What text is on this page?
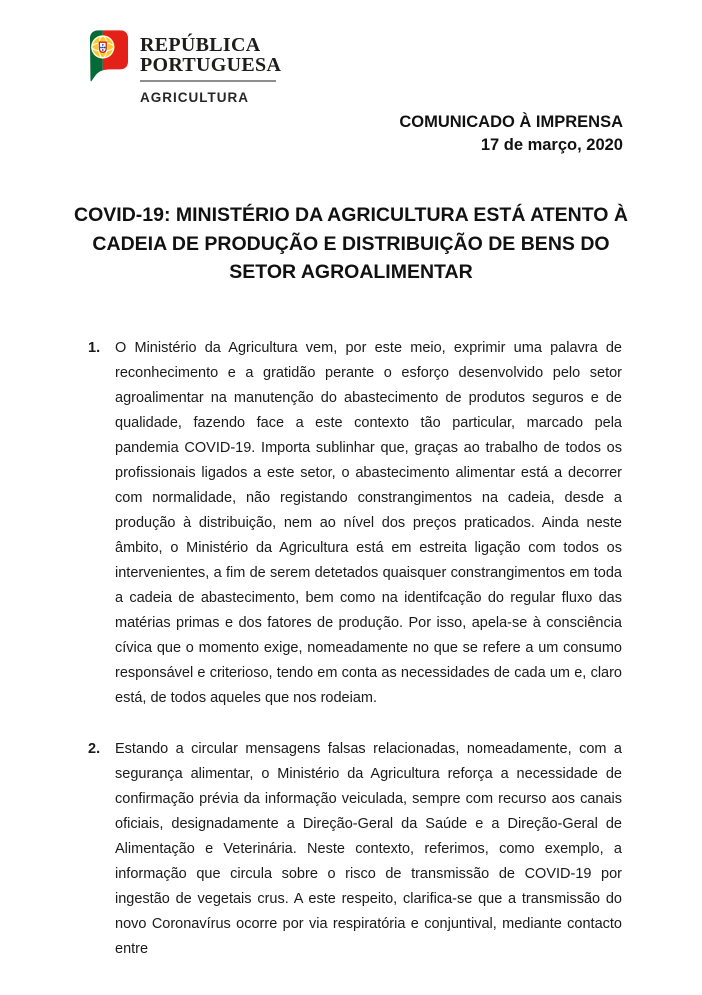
REPÚBLICA
PORTUGUESA
AGRICULTURA
COMUNICADO À IMPRENSA
17 de março, 2020
COVID-19: MINISTÉRIO DA AGRICULTURA ESTÁ ATENTO À
CADEIA DE PRODUÇÃO E DISTRIBUIÇÃO DE BENS DO
SETOR AGROALIMENTAR
1.	O Ministério da Agricultura vem, por este meio, exprimir uma palavra de reconhecimento e a gratidão perante o esforço desenvolvido pelo setor agroalimentar na manutenção do abastecimento de produtos seguros e de qualidade, fazendo face a este contexto tão particular, marcado pela pandemia COVID-19. Importa sublinhar que, graças ao trabalho de todos os profissionais ligados a este setor, o abastecimento alimentar está a decorrer com normalidade, não registando constrangimentos na cadeia, desde a produção à distribuição, nem ao nível dos preços praticados. Ainda neste âmbito, o Ministério da Agricultura está em estreita ligação com todos os intervenientes, a fim de serem detetados quaisquer constrangimentos em toda a cadeia de abastecimento, bem como na identifcação do regular fluxo das matérias primas e dos fatores de produção. Por isso, apela-se à consciência cívica que o momento exige, nomeadamente no que se refere a um consumo responsável e criterioso, tendo em conta as necessidades de cada um e, claro está, de todos aqueles que nos rodeiam.
2.	Estando a circular mensagens falsas relacionadas, nomeadamente, com a segurança alimentar, o Ministério da Agricultura reforça a necessidade de confirmação prévia da informação veiculada, sempre com recurso aos canais oficiais, designadamente a Direção-Geral da Saúde e a Direção-Geral de Alimentação e Veterinária. Neste contexto, referimos, como exemplo, a informação que circula sobre o risco de transmissão de COVID-19 por ingestão de vegetais crus. A este respeito, clarifica-se que a transmissão do novo Coronavírus ocorre por via respiratória e conjuntival, mediante contacto entre
